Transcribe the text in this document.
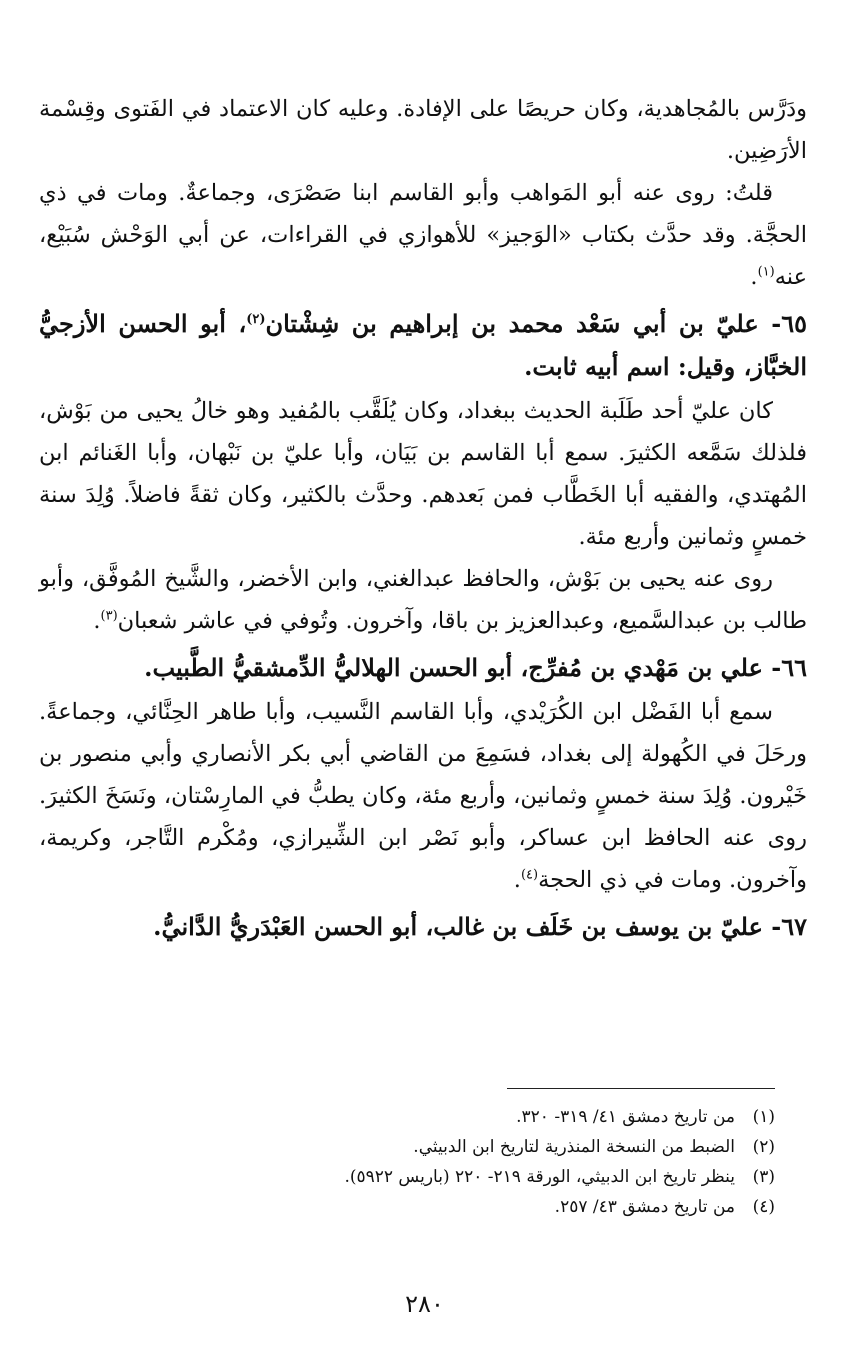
ودَرَّس بالمُجاهدية، وكان حريصًا على الإفادة. وعليه كان الاعتماد في الفَتوى وقِسْمة الأرَضِين.

قلتُ: روى عنه أبو المَواهب وأبو القاسم ابنا صَصْرَى، وجماعةٌ. ومات في ذي الحجَّة. وقد حدَّث بكتاب «الوَجيز» للأهوازي في القراءات، عن أبي الوَحْش سُبَيْع، عنه$^{(١)}$.

٦٥- عليّ بن أبي سَعْد محمد بن إبراهيم بن شِشْتان$^{(٢)}$، أبو الحسن الأزجيُّ الخبَّاز، وقيل: اسم أبيه ثابت.

كان عليّ أحد طَلَبة الحديث ببغداد، وكان يُلَقَّب بالمُفيد وهو خالُ يحيى من بَوْش، فلذلك سَمَّعه الكثيرَ. سمع أبا القاسم بن بَيَان، وأبا عليّ بن نَبْهان، وأبا الغَنائم ابن المُهتدي، والفقيه أبا الخَطَّاب فمن بَعدهم. وحدَّث بالكثير، وكان ثقةً فاضلاً. وُلِدَ سنة خمسٍ وثمانين وأربع مئة.

روى عنه يحيى بن بَوْش، والحافظ عبدالغني، وابن الأخضر، والشَّيخ المُوفَّق، وأبو طالب بن عبدالسَّميع، وعبدالعزيز بن باقا، وآخرون. وتُوفي في عاشر شعبان$^{(٣)}$.

٦٦- علي بن مَهْدي بن مُفرِّج، أبو الحسن الهلاليُّ الدِّمشقيُّ الطَّبيب.

سمع أبا الفَضْل ابن الكُرَيْدي، وأبا القاسم النَّسيب، وأبا طاهر الحِنَّائي، وجماعةً. ورحَلَ في الكُهولة إلى بغداد، فسَمِعَ من القاضي أبي بكر الأنصاري وأبي منصور بن خَيْرون. وُلِدَ سنة خمسٍ وثمانين، وأربع مئة، وكان يطبُّ في المارِسْتان، ونَسَخَ الكثيرَ. روى عنه الحافظ ابن عساكر، وأبو نَصْر ابن الشِّيرازي، ومُكْرم التَّاجر، وكريمة، وآخرون. ومات في ذي الحجة$^{(٤)}$.

٦٧- عليّ بن يوسف بن خَلَف بن غالب، أبو الحسن العَبْدَريُّ الدَّانيُّ.

(١)من تاريخ دمشق ٤١/ ٣١٩- ٣٢٠.
(٢)الضبط من النسخة المنذرية لتاريخ ابن الدبيثي.
(٣)ينظر تاريخ ابن الدبيثي، الورقة ٢١٩- ٢٢٠ (باريس ٥٩٢٢).
(٤)من تاريخ دمشق ٤٣/ ٢٥٧.
٢٨٠
